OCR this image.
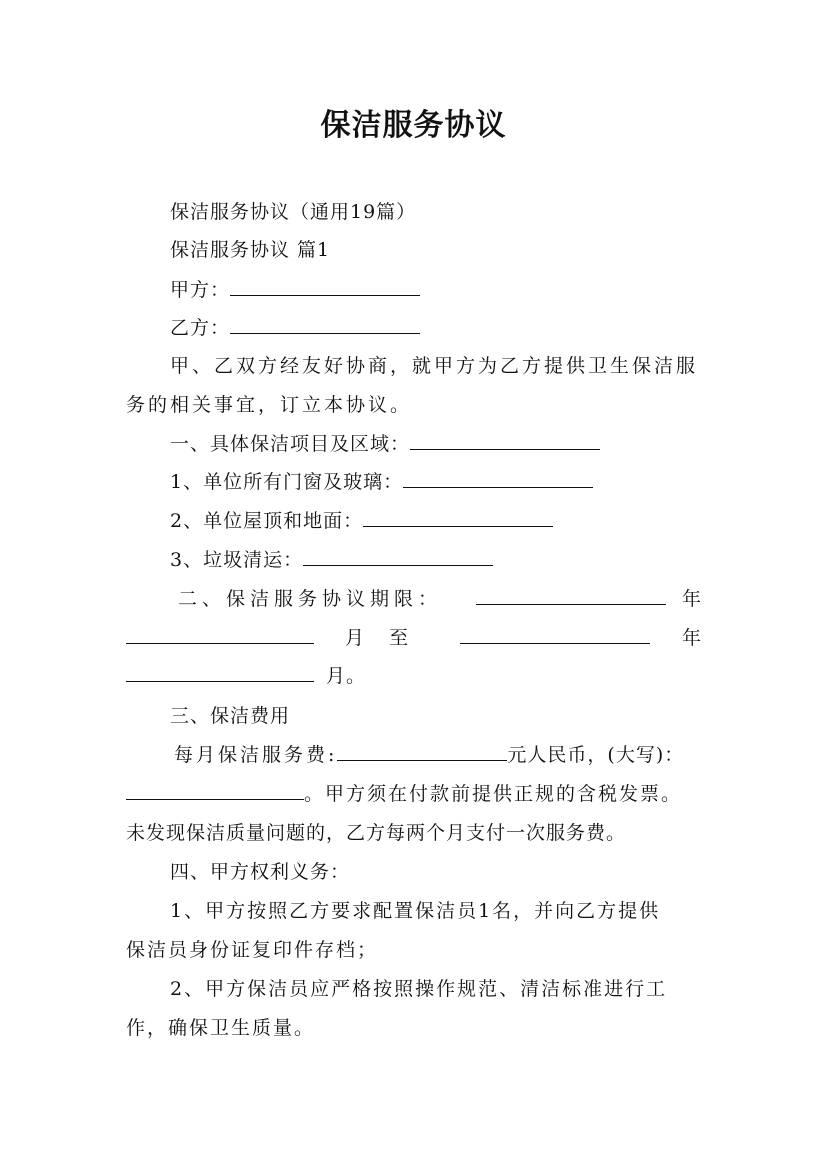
保洁服务协议
保洁服务协议（通用19篇）
保洁服务协议 篇1
甲方：
乙方：
甲、乙双方经友好协商，就甲方为乙方提供卫生保洁服
务的相关事宜，订立本协议。
一、具体保洁项目及区域：
1、单位所有门窗及玻璃：
2、单位屋顶和地面：
3、垃圾清运：
二、保洁服务协议期限：	年
月 至	年
月。
三、保洁费用
每月保洁服务费:	元人民币，(大写)：
。甲方须在付款前提供正规的含税发票。
未发现保洁质量问题的，乙方每两个月支付一次服务费。
四、甲方权利义务：
1、甲方按照乙方要求配置保洁员1名，并向乙方提供
保洁员身份证复印件存档；
2、甲方保洁员应严格按照操作规范、清洁标准进行工
作，确保卫生质量。
